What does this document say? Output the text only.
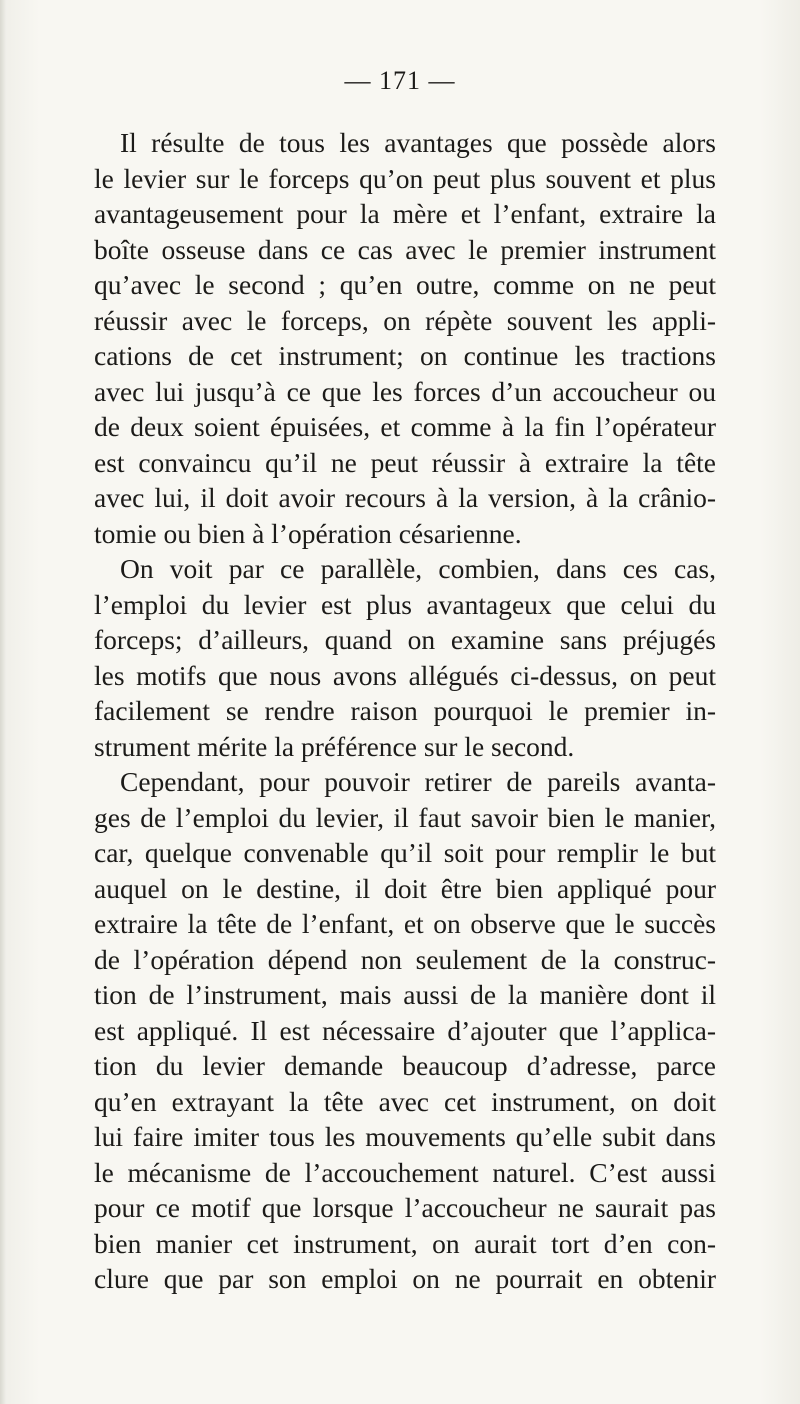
— 171 —

Il résulte de tous les avantages que possède alors
le levier sur le forceps qu’on peut plus souvent et plus
avantageusement pour la mère et l’enfant, extraire la
boîte osseuse dans ce cas avec le premier instrument
qu’avec le second ; qu’en outre, comme on ne peut
réussir avec le forceps, on répète souvent les appli-
cations de cet instrument; on continue les tractions
avec lui jusqu’à ce que les forces d’un accoucheur ou
de deux soient épuisées, et comme à la fin l’opérateur
est convaincu qu’il ne peut réussir à extraire la tête
avec lui, il doit avoir recours à la version, à la crânio-
tomie ou bien à l’opération césarienne.

On voit par ce parallèle, combien, dans ces cas,
l’emploi du levier est plus avantageux que celui du
forceps; d’ailleurs, quand on examine sans préjugés
les motifs que nous avons allégués ci-dessus, on peut
facilement se rendre raison pourquoi le premier in-
strument mérite la préférence sur le second.

Cependant, pour pouvoir retirer de pareils avanta-
ges de l’emploi du levier, il faut savoir bien le manier,
car, quelque convenable qu’il soit pour remplir le but
auquel on le destine, il doit être bien appliqué pour
extraire la tête de l’enfant, et on observe que le succès
de l’opération dépend non seulement de la construc-
tion de l’instrument, mais aussi de la manière dont il
est appliqué. Il est nécessaire d’ajouter que l’applica-
tion du levier demande beaucoup d’adresse, parce
qu’en extrayant la tête avec cet instrument, on doit
lui faire imiter tous les mouvements qu’elle subit dans
le mécanisme de l’accouchement naturel. C’est aussi
pour ce motif que lorsque l’accoucheur ne saurait pas
bien manier cet instrument, on aurait tort d’en con-
clure que par son emploi on ne pourrait en obtenir
